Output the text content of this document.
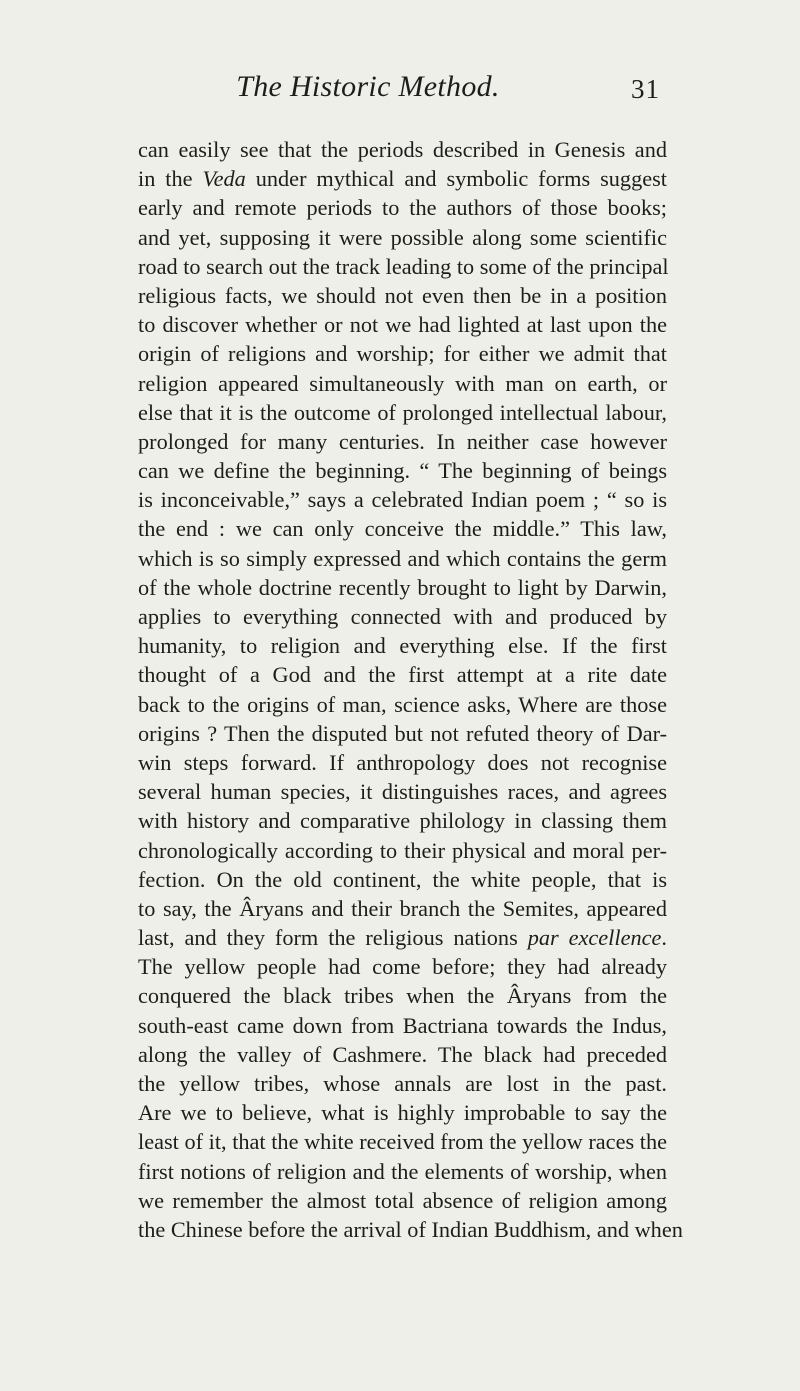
The Historic Method.	31
can easily see that the periods described in Genesis and
in the Veda under mythical and symbolic forms suggest
early and remote periods to the authors of those books;
and yet, supposing it were possible along some scientific
road to search out the track leading to some of the principal
religious facts, we should not even then be in a position
to discover whether or not we had lighted at last upon the
origin of religions and worship; for either we admit that
religion appeared simultaneously with man on earth, or
else that it is the outcome of prolonged intellectual labour,
prolonged for many centuries. In neither case however
can we define the beginning. “ The beginning of beings
is inconceivable,” says a celebrated Indian poem ; “ so is
the end : we can only conceive the middle.” This law,
which is so simply expressed and which contains the germ
of the whole doctrine recently brought to light by Darwin,
applies to everything connected with and produced by
humanity, to religion and everything else. If the first
thought of a God and the first attempt at a rite date
back to the origins of man, science asks, Where are those
origins ? Then the disputed but not refuted theory of Dar-
win steps forward. If anthropology does not recognise
several human species, it distinguishes races, and agrees
with history and comparative philology in classing them
chronologically according to their physical and moral per-
fection. On the old continent, the white people, that is
to say, the Âryans and their branch the Semites, appeared
last, and they form the religious nations par excellence.
The yellow people had come before; they had already
conquered the black tribes when the Âryans from the
south-east came down from Bactriana towards the Indus,
along the valley of Cashmere. The black had preceded
the yellow tribes, whose annals are lost in the past.
Are we to believe, what is highly improbable to say the
least of it, that the white received from the yellow races the
first notions of religion and the elements of worship, when
we remember the almost total absence of religion among
the Chinese before the arrival of Indian Buddhism, and when
